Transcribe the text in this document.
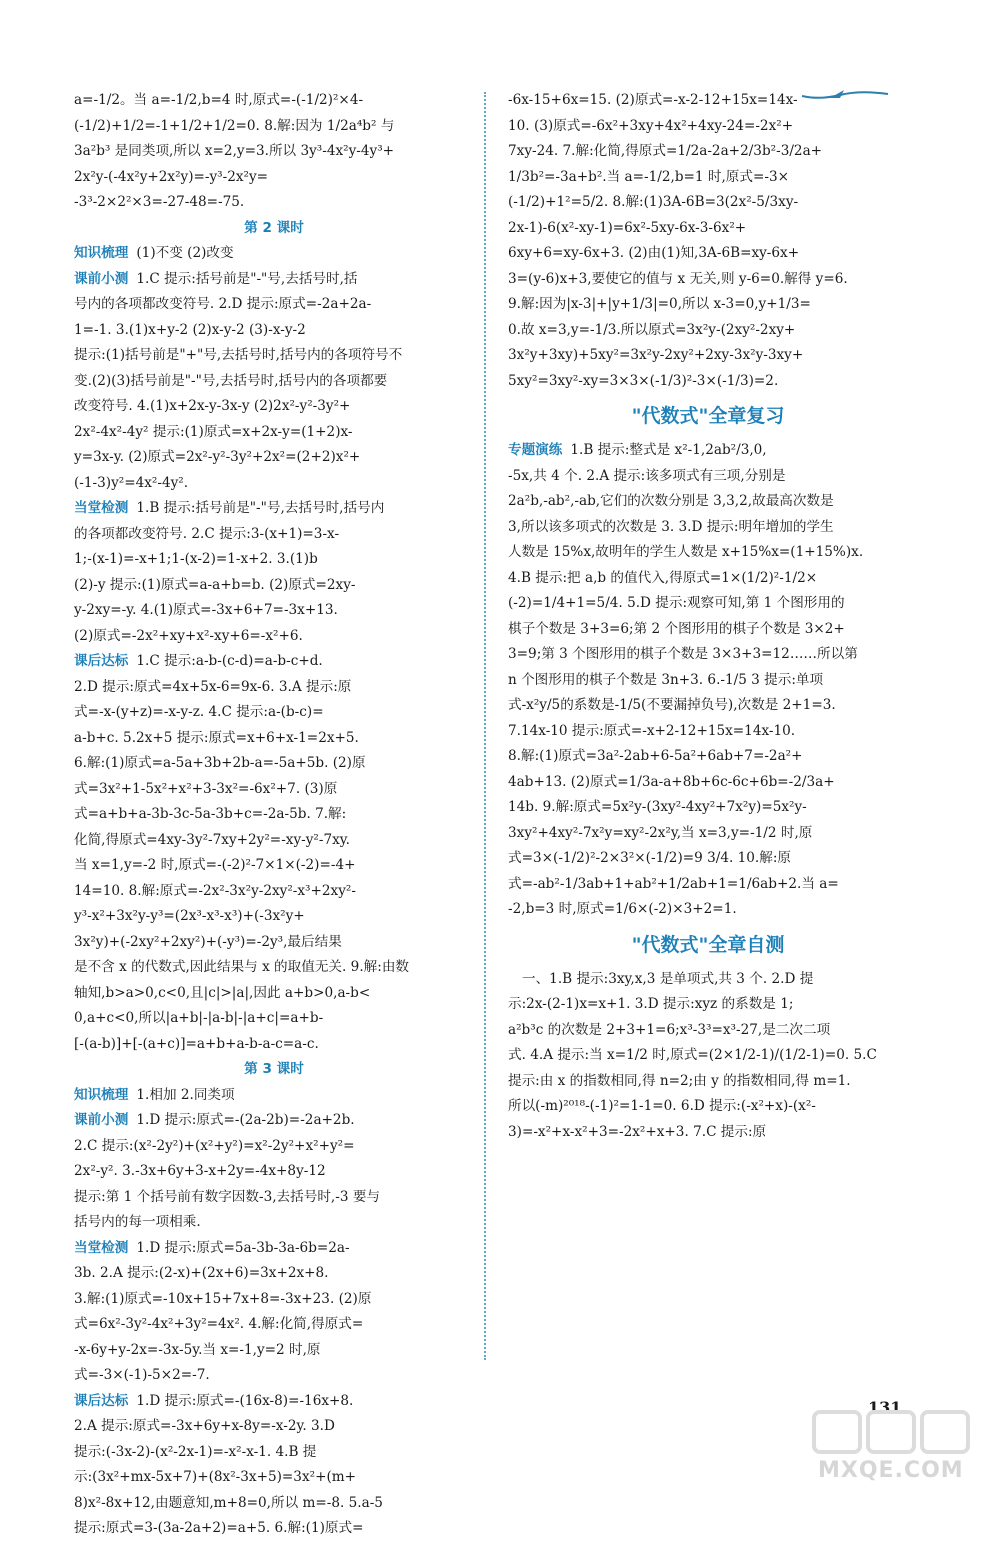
a=-1/2。当 a=-1/2,b=4 时,原式=-(-1/2)²×4-
(-1/2)+1/2=-1+1/2+1/2=0. 8.解:因为 1/2a⁴b² 与
3a²b³ 是同类项,所以 x=2,y=3.所以 3y³-4x²y-4y³+
2x²y-(-4x²y+2x²y)=-y³-2x²y=
-3³-2×2²×3=-27-48=-75.
第 2 课时
知识梳理 (1)不变 (2)改变
课前小测 1.C 提示:括号前是"-"号,去括号时,括
号内的各项都改变符号. 2.D 提示:原式=-2a+2a-
1=-1. 3.(1)x+y-2 (2)x-y-2 (3)-x-y-2
提示:(1)括号前是"+"号,去括号时,括号内的各项符号不
变.(2)(3)括号前是"-"号,去括号时,括号内的各项都要
改变符号. 4.(1)x+2x-y-3x-y (2)2x²-y²-3y²+
2x²-4x²-4y² 提示:(1)原式=x+2x-y=(1+2)x-
y=3x-y. (2)原式=2x²-y²-3y²+2x²=(2+2)x²+
(-1-3)y²=4x²-4y².
当堂检测 1.B 提示:括号前是"-"号,去括号时,括号内
的各项都改变符号. 2.C 提示:3-(x+1)=3-x-
1;-(x-1)=-x+1;1-(x-2)=1-x+2. 3.(1)b
(2)-y 提示:(1)原式=a-a+b=b. (2)原式=2xy-
y-2xy=-y. 4.(1)原式=-3x+6+7=-3x+13.
(2)原式=-2x²+xy+x²-xy+6=-x²+6.
课后达标 1.C 提示:a-b-(c-d)=a-b-c+d.
2.D 提示:原式=4x+5x-6=9x-6. 3.A 提示:原
式=-x-(y+z)=-x-y-z. 4.C 提示:a-(b-c)=
a-b+c. 5.2x+5 提示:原式=x+6+x-1=2x+5.
6.解:(1)原式=a-5a+3b+2b-a=-5a+5b. (2)原
式=3x²+1-5x²+x²+3-3x²=-6x²+7. (3)原
式=a+b+a-3b-3c-5a-3b+c=-2a-5b. 7.解:
化简,得原式=4xy-3y²-7xy+2y²=-xy-y²-7xy.
当 x=1,y=-2 时,原式=-(-2)²-7×1×(-2)=-4+
14=10. 8.解:原式=-2x²-3x²y-2xy²-x³+2xy²-
y³-x²+3x²y-y³=(2x³-x³-x³)+(-3x²y+
3x²y)+(-2xy²+2xy²)+(-y³)=-2y³,最后结果
是不含 x 的代数式,因此结果与 x 的取值无关. 9.解:由数
轴知,b>a>0,c<0,且|c|>|a|,因此 a+b>0,a-b<
0,a+c<0,所以|a+b|-|a-b|-|a+c|=a+b-
[-(a-b)]+[-(a+c)]=a+b+a-b-a-c=a-c.
第 3 课时
知识梳理 1.相加 2.同类项
课前小测 1.D 提示:原式=-(2a-2b)=-2a+2b.
2.C 提示:(x²-2y²)+(x²+y²)=x²-2y²+x²+y²=
2x²-y². 3.-3x+6y+3-x+2y=-4x+8y-12
提示:第 1 个括号前有数字因数-3,去括号时,-3 要与
括号内的每一项相乘.
当堂检测 1.D 提示:原式=5a-3b-3a-6b=2a-
3b. 2.A 提示:(2-x)+(2x+6)=3x+2x+8.
3.解:(1)原式=-10x+15+7x+8=-3x+23. (2)原
式=6x²-3y²-4x²+3y²=4x². 4.解:化简,得原式=
-x-6y+y-2x=-3x-5y.当 x=-1,y=2 时,原
式=-3×(-1)-5×2=-7.
课后达标 1.D 提示:原式=-(16x-8)=-16x+8.
2.A 提示:原式=-3x+6y+x-8y=-x-2y. 3.D
提示:(-3x-2)-(x²-2x-1)=-x²-x-1. 4.B 提
示:(3x²+mx-5x+7)+(8x²-3x+5)=3x²+(m+
8)x²-8x+12,由题意知,m+8=0,所以 m=-8. 5.a-5
提示:原式=3-(3a-2a+2)=a+5. 6.解:(1)原式=
-6x-15+6x=15. (2)原式=-x-2-12+15x=14x-
10. (3)原式=-6x²+3xy+4x²+4xy-24=-2x²+
7xy-24. 7.解:化简,得原式=1/2a-2a+2/3b²-3/2a+
1/3b²=-3a+b².当 a=-1/2,b=1 时,原式=-3×
(-1/2)+1²=5/2. 8.解:(1)3A-6B=3(2x²-5/3xy-
2x-1)-6(x²-xy-1)=6x²-5xy-6x-3-6x²+
6xy+6=xy-6x+3. (2)由(1)知,3A-6B=xy-6x+
3=(y-6)x+3,要使它的值与 x 无关,则 y-6=0.解得 y=6.
9.解:因为|x-3|+|y+1/3|=0,所以 x-3=0,y+1/3=
0.故 x=3,y=-1/3.所以原式=3x²y-(2xy²-2xy+
3x²y+3xy)+5xy²=3x²y-2xy²+2xy-3x²y-3xy+
5xy²=3xy²-xy=3×3×(-1/3)²-3×(-1/3)=2.
"代数式"全章复习
专题演练 1.B 提示:整式是 x²-1,2ab²/3,0,
-5x,共 4 个. 2.A 提示:该多项式有三项,分别是
2a²b,-ab²,-ab,它们的次数分别是 3,3,2,故最高次数是
3,所以该多项式的次数是 3. 3.D 提示:明年增加的学生
人数是 15%x,故明年的学生人数是 x+15%x=(1+15%)x.
4.B 提示:把 a,b 的值代入,得原式=1×(1/2)²-1/2×
(-2)=1/4+1=5/4. 5.D 提示:观察可知,第 1 个图形用的
棋子个数是 3+3=6;第 2 个图形用的棋子个数是 3×2+
3=9;第 3 个图形用的棋子个数是 3×3+3=12……所以第
n 个图形用的棋子个数是 3n+3. 6.-1/5 3 提示:单项
式-x²y/5的系数是-1/5(不要漏掉负号),次数是 2+1=3.
7.14x-10 提示:原式=-x+2-12+15x=14x-10.
8.解:(1)原式=3a²-2ab+6-5a²+6ab+7=-2a²+
4ab+13. (2)原式=1/3a-a+8b+6c-6c+6b=-2/3a+
14b. 9.解:原式=5x²y-(3xy²-4xy²+7x²y)=5x²y-
3xy²+4xy²-7x²y=xy²-2x²y,当 x=3,y=-1/2 时,原
式=3×(-1/2)²-2×3²×(-1/2)=9 3/4. 10.解:原
式=-ab²-1/3ab+1+ab²+1/2ab+1=1/6ab+2.当 a=
-2,b=3 时,原式=1/6×(-2)×3+2=1.
"代数式"全章自测
一、1.B 提示:3xy,x,3 是单项式,共 3 个. 2.D 提
示:2x-(2-1)x=x+1. 3.D 提示:xyz 的系数是 1;
a²b³c 的次数是 2+3+1=6;x³-3³=x³-27,是二次二项
式. 4.A 提示:当 x=1/2 时,原式=(2×1/2-1)/(1/2-1)=0. 5.C
提示:由 x 的指数相同,得 n=2;由 y 的指数相同,得 m=1.
所以(-m)²⁰¹⁸-(-1)²=1-1=0. 6.D 提示:(-x²+x)-(x²-
3)=-x²+x-x²+3=-2x²+x+3. 7.C 提示:原
131
MXQE.COM
